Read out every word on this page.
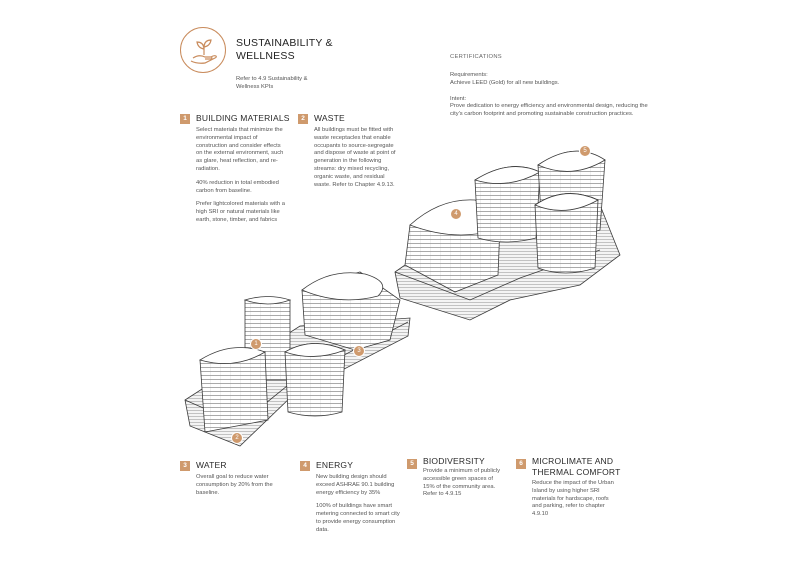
SUSTAINABILITY &
WELLNESS
Refer to 4.9 Sustainability & Wellness KPIs
CERTIFICATIONS
Requirements:
Achieve LEED (Gold) for all new buildings.
Intent:
Prove dedication to energy efficiency and environmental design, reducing the city's carbon footprint and promoting sustainable construction practices.
1	BUILDING MATERIALS

Select materials that minimize the environmental impact of construction and consider effects on the external environment, such as glare, heat reflection, and re-radiation.

40% reduction in total embodied carbon from baseline.

Prefer lightcolored materials with a high SRI or natural materials like earth, stone, timber, and fabrics

2	WASTE
All buildings must be fitted with waste receptacles that enable occupants to source-segregate and dispose of waste at point of generation in the following streams: dry mixed recycling, organic waste, and residual waste. Refer to Chapter 4.9.13.
3	WATER
Overall goal to reduce water consumption by 20% from the baseline.
4	ENERGY

New building design should exceed ASHRAE 90.1 building energy efficiency by 35%

100% of buildings have smart metering connected to smart city to provide energy consumption data.

5	BIODIVERSITY
Provide a minimum of publicly accessible green spaces of 15% of the community area. Refer to 4.9.15
6	MICROLIMATE AND
THERMAL COMFORT
Reduce the impact of the Urban Island by using higher SRI materials for hardscape, roofs and parking, refer to chapter 4.9.10
1
2
3
4
5
